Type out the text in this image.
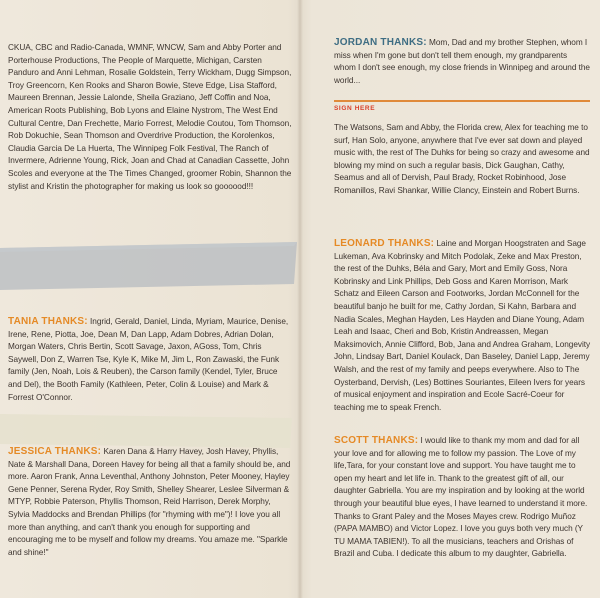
CKUA, CBC and Radio-Canada, WMNF, WNCW, Sam and Abby Porter and Porterhouse Productions, The People of Marquette, Michigan, Carsten Panduro and Anni Lehman, Rosalie Goldstein, Terry Wickham, Dugg Simpson, Troy Greencorn, Ken Rooks and Sharon Bowie, Steve Edge, Lisa Stafford, Maureen Brennan, Jessie Lalonde, Sheila Graziano, Jeff Coffin and Noa, American Roots Publishing, Bob Lyons and Elaine Nystrom, The West End Cultural Centre, Dan Frechette, Mario Forrest, Melodie Coutou, Tom Thomson, Rob Dokuchie, Sean Thomson and Overdrive Production, the Korolenkos, Claudia Garcia De La Huerta, The Winnipeg Folk Festival, The Ranch of Invermere, Adrienne Young, Rick, Joan and Chad at Canadian Cassette, John Scoles and everyone at the The Times Changed, groomer Robin, Shannon the stylist and Kristin the photographer for making us look so goooood!!!

TANIA THANKS: Ingrid, Gerald, Daniel, Linda, Myriam, Maurice, Denise, Irene, Rene, Piotta, Joe, Dean M, Dan Lapp, Adam Dobres, Adrian Dolan, Morgan Waters, Chris Bertin, Scott Savage, Jaxon, AGoss, Tom, Chris Saywell, Don Z, Warren Tse, Kyle K, Mike M, Jim L, Ron Zawaski, the Funk family (Jen, Noah, Lois & Reuben), the Carson family (Kendel, Tyler, Bruce and Del), the Booth Family (Kathleen, Peter, Colin & Louise) and Mark & Forrest O'Connor.

JESSICA THANKS: Karen Dana & Harry Havey, Josh Havey, Phyllis, Nate & Marshall Dana, Doreen Havey for being all that a family should be, and more. Aaron Frank, Anna Leventhal, Anthony Johnston, Peter Mooney, Hayley Gene Penner, Serena Ryder, Roy Smith, Shelley Shearer, Leslee Silverman & MTYP, Robbie Paterson, Phyllis Thomson, Reid Harrison, Derek Morphy, Sylvia Maddocks and Brendan Phillips (for "rhyming with me")! I love you all more than anything, and can't thank you enough for supporting and encouraging me to be myself and follow my dreams. You amaze me. "Sparkle and shine!"

JORDAN THANKS: Mom, Dad and my brother Stephen, whom I miss when I'm gone but don't tell them enough, my grandparents whom I don't see enough, my close friends in Winnipeg and around the world...

SIGN HERE

The Watsons, Sam and Abby, the Florida crew, Alex for teaching me to surf, Han Solo, anyone, anywhere that I've ever sat down and played music with, the rest of The Duhks for being so crazy and awesome and blowing my mind on such a regular basis, Dick Gaughan, Cathy, Seamus and all of Dervish, Paul Brady, Rocket Robinhood, Jose Romanillos, Ravi Shankar, Willie Clancy, Einstein and Robert Burns.

LEONARD THANKS: Laine and Morgan Hoogstraten and Sage Lukeman, Ava Kobrinsky and Mitch Podolak, Zeke and Max Preston, the rest of the Duhks, Béla and Gary, Mort and Emily Goss, Nora Kobrinsky and Link Phillips, Deb Goss and Karen Morrison, Mark Schatz and Eileen Carson and Footworks, Jordan McConnell for the beautiful banjo he built for me, Cathy Jordan, Si Kahn, Barbara and Nadia Scales, Meghan Hayden, Les Hayden and Diane Young, Adam Leah and Isaac, Cheri and Bob, Kristin Andreassen, Megan Maksimovich, Annie Clifford, Bob, Jana and Andrea Graham, Longevity John, Lindsay Bart, Daniel Koulack, Dan Baseley, Daniel Lapp, Jeremy Walsh, and the rest of my family and peeps everywhere. Also to The Oysterband, Dervish, (Les) Bottines Souriantes, Eileen Ivers for years of musical enjoyment and inspiration and Ecole Sacré-Coeur for teaching me to speak French.

SCOTT THANKS: I would like to thank my mom and dad for all your love and for allowing me to follow my passion. The Love of my life,Tara, for your constant love and support. You have taught me to open my heart and let life in. Thank to the greatest gift of all, our daughter Gabriella. You are my inspiration and by looking at the world through your beautiful blue eyes, I have learned to understand it more. Thanks to Grant Paley and the Moses Mayes crew. Rodrigo Muñoz (PAPA MAMBO) and Victor Lopez. I love you guys both very much (Y TU MAMA TABIEN!). To all the musicians, teachers and Orishas of Brazil and Cuba. I dedicate this album to my daughter, Gabriella.
